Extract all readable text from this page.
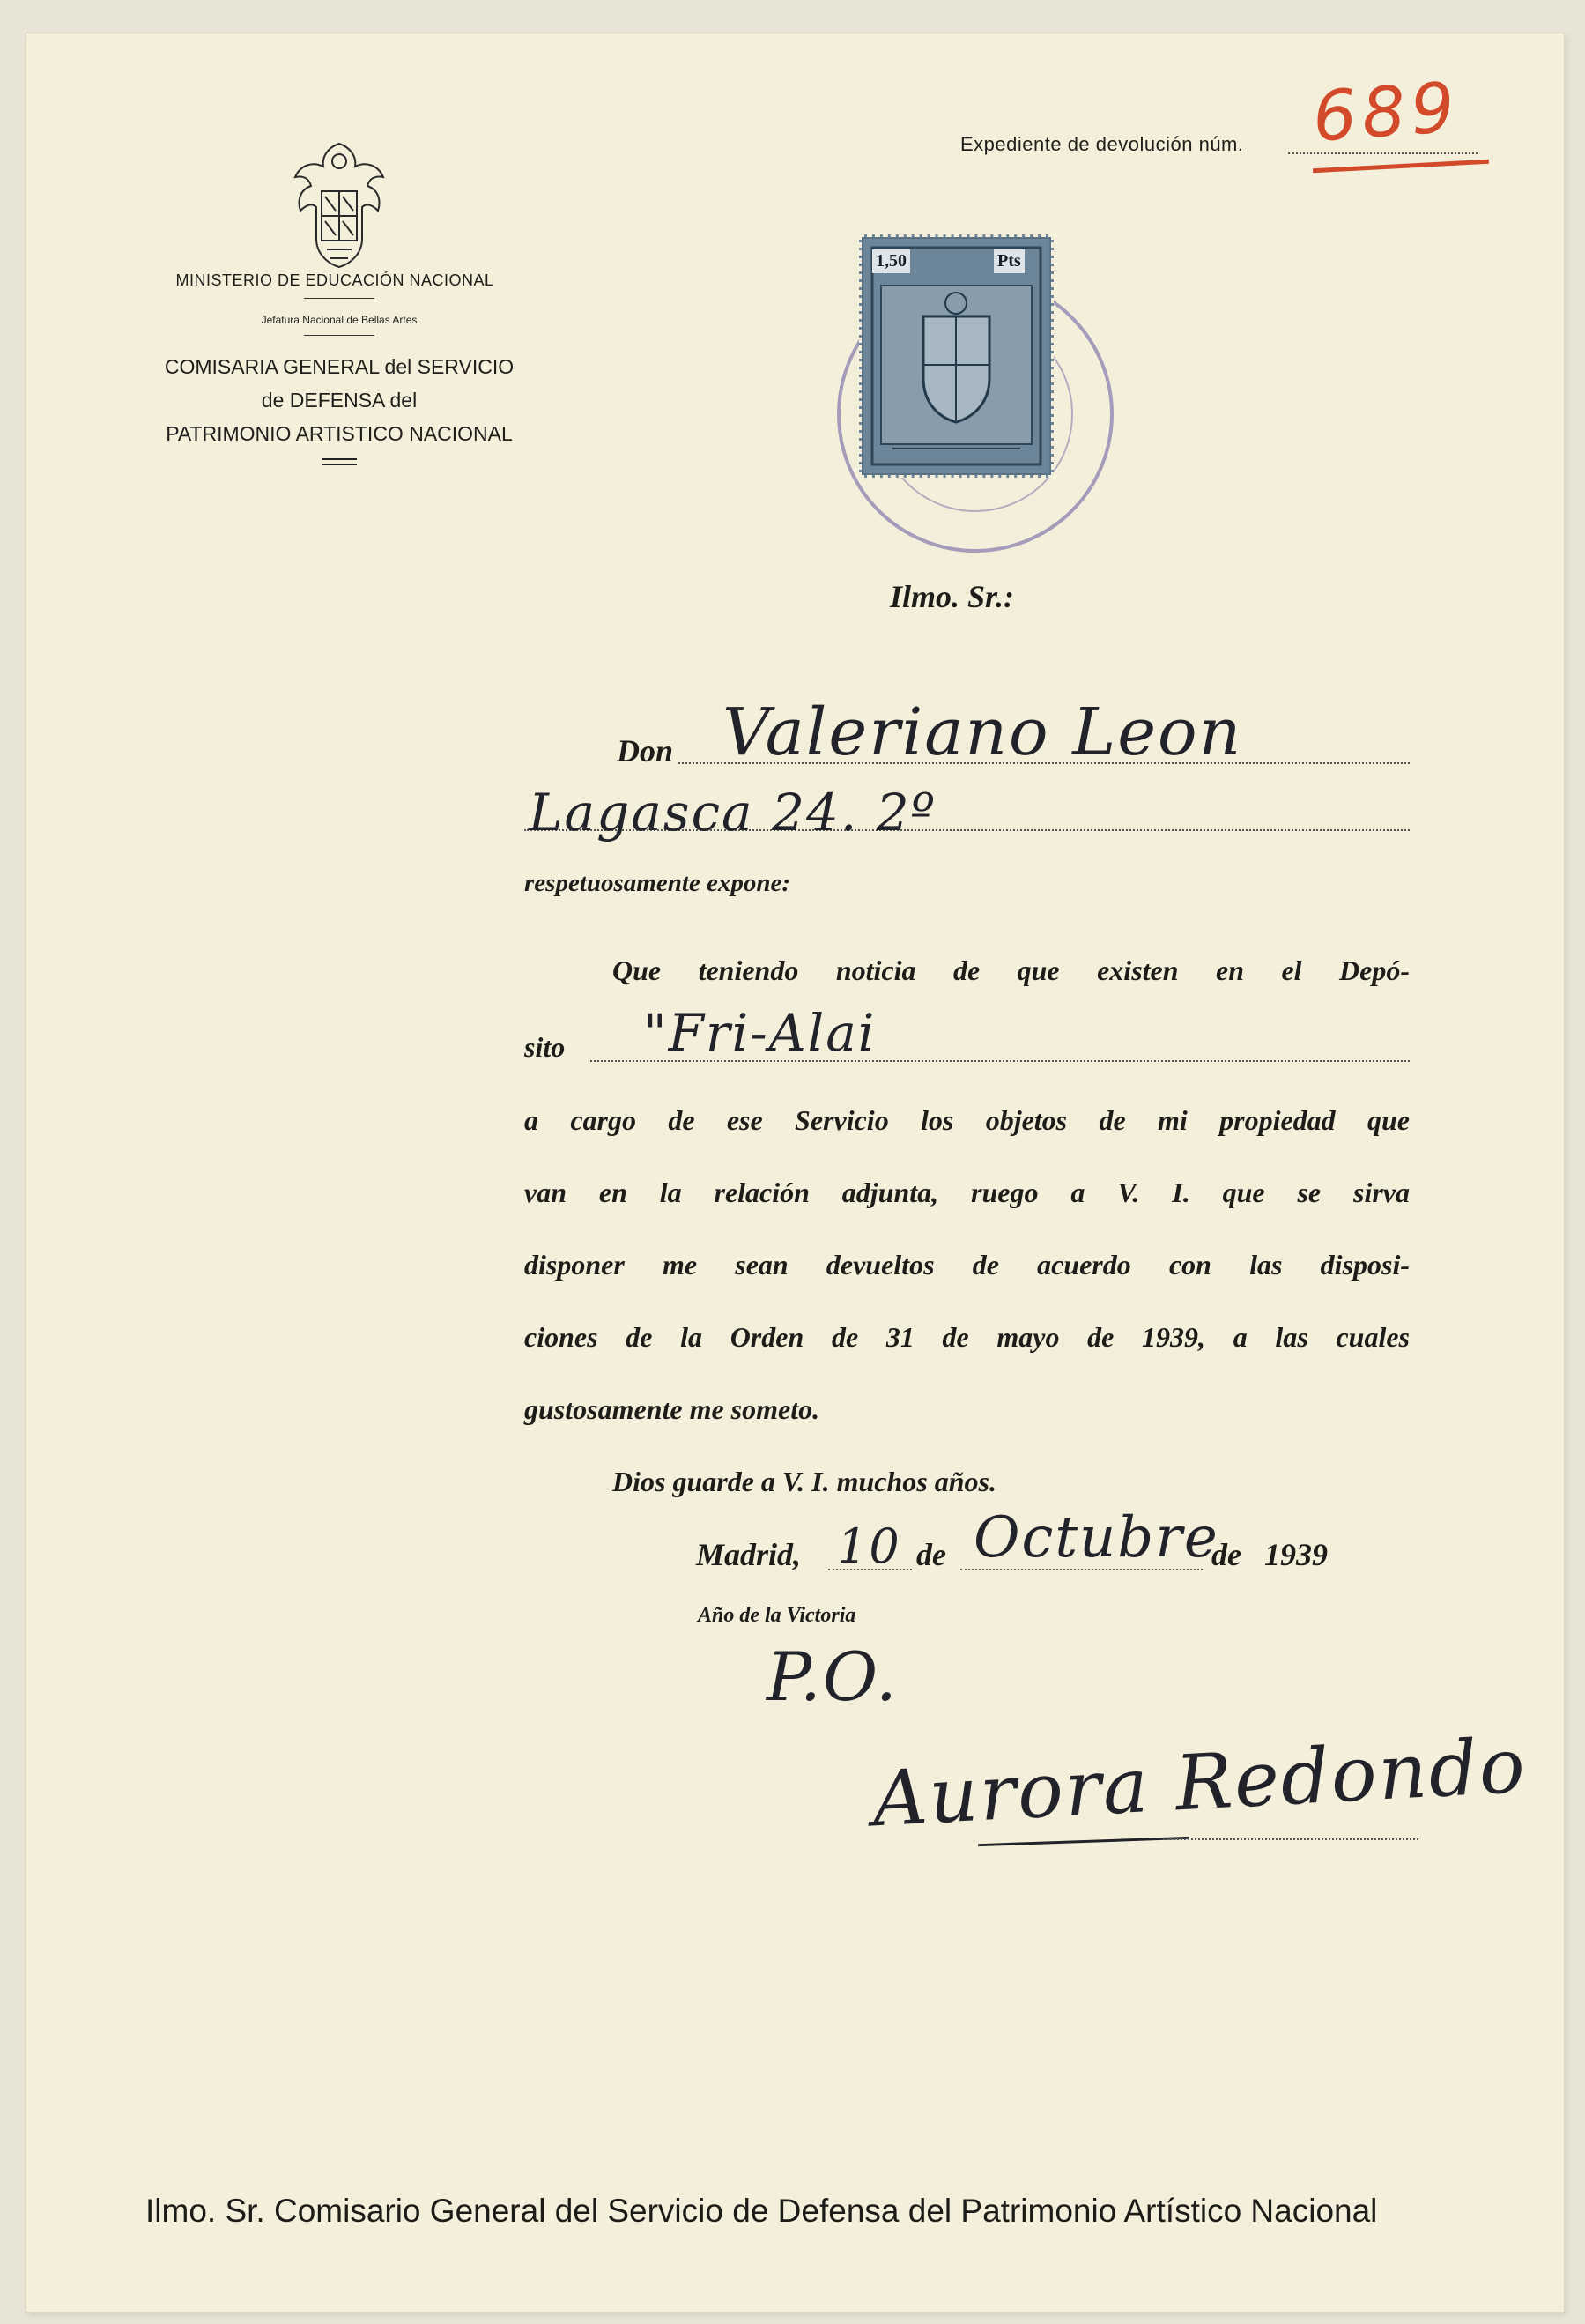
MINISTERIO DE EDUCACIÓN NACIONAL
Jefatura Nacional de Bellas Artes
COMISARIA GENERAL del SERVICIO
de DEFENSA del
PATRIMONIO ARTISTICO NACIONAL
Expediente de devolución núm. 689
1,50	Pts
Ilmo. Sr.:
Don Valeriano Leon
Lagasca 24. 2º
respetuosamente expone:
Que teniendo noticia de que existen en el Depó-
sito "Fri-Alai
a cargo de ese Servicio los objetos de mi propiedad que
van en la relación adjunta, ruego a V. I. que se sirva
disponer me sean devueltos de acuerdo con las disposi-
ciones de la Orden de 31 de mayo de 1939, a las cuales
gustosamente me someto.
Dios guarde a V. I. muchos años.
Madrid, 10 de Octubre
de 1939
Año de la Victoria
P.O.
Aurora Redondo
Ilmo. Sr. Comisario General del Servicio de Defensa del Patrimonio Artístico Nacional
